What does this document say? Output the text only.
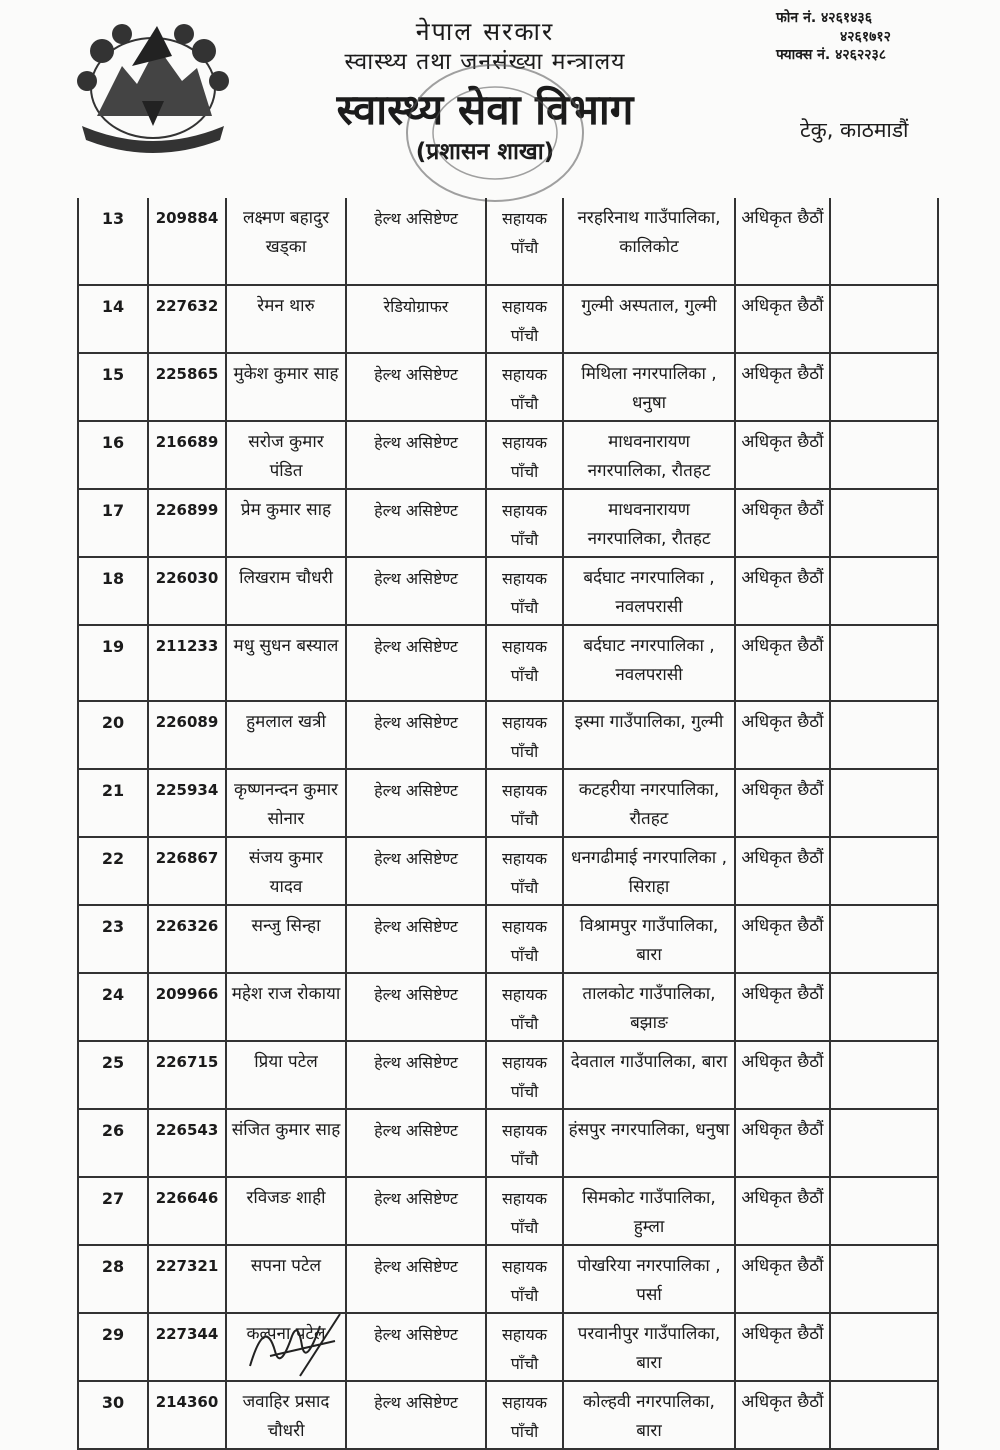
नेपाल सरकार
स्वास्थ्य तथा जनसंख्या मन्त्रालय
स्वास्थ्य सेवा विभाग
(प्रशासन शाखा)
फोन नं. ४२६१४३६
४२६१७१२
फ्याक्स नं. ४२६२२३८
टेकु, काठमाडौं
13	209884	लक्ष्मण बहादुर खड्का	हेल्थ असिष्टेण्ट	सहायक पाँचौ	नरहरिनाथ गाउँपालिका, कालिकोट	अधिकृत छैठौं	
14	227632	रेमन थारु	रेडियोग्राफर	सहायक पाँचौ	गुल्मी अस्पताल, गुल्मी	अधिकृत छैठौं	
15	225865	मुकेश कुमार साह	हेल्थ असिष्टेण्ट	सहायक पाँचौ	मिथिला नगरपालिका , धनुषा	अधिकृत छैठौं	
16	216689	सरोज कुमार पंडित	हेल्थ असिष्टेण्ट	सहायक पाँचौ	माधवनारायण नगरपालिका, रौतहट	अधिकृत छैठौं	
17	226899	प्रेम कुमार साह	हेल्थ असिष्टेण्ट	सहायक पाँचौ	माधवनारायण नगरपालिका, रौतहट	अधिकृत छैठौं	
18	226030	लिखराम चौधरी	हेल्थ असिष्टेण्ट	सहायक पाँचौ	बर्दघाट नगरपालिका , नवलपरासी	अधिकृत छैठौं	
19	211233	मधु सुधन बस्याल	हेल्थ असिष्टेण्ट	सहायक पाँचौ	बर्दघाट नगरपालिका , नवलपरासी	अधिकृत छैठौं	
20	226089	हुमलाल खत्री	हेल्थ असिष्टेण्ट	सहायक पाँचौ	इस्मा गाउँपालिका, गुल्मी	अधिकृत छैठौं	
21	225934	कृष्णनन्दन कुमार सोनार	हेल्थ असिष्टेण्ट	सहायक पाँचौ	कटहरीया नगरपालिका, रौतहट	अधिकृत छैठौं	
22	226867	संजय कुमार यादव	हेल्थ असिष्टेण्ट	सहायक पाँचौ	धनगढीमाई नगरपालिका , सिराहा	अधिकृत छैठौं	
23	226326	सन्जु सिन्हा	हेल्थ असिष्टेण्ट	सहायक पाँचौ	विश्रामपुर गाउँपालिका, बारा	अधिकृत छैठौं	
24	209966	महेश राज रोकाया	हेल्थ असिष्टेण्ट	सहायक पाँचौ	तालकोट गाउँपालिका, बझाङ	अधिकृत छैठौं	
25	226715	प्रिया पटेल	हेल्थ असिष्टेण्ट	सहायक पाँचौ	देवताल गाउँपालिका, बारा	अधिकृत छैठौं	
26	226543	संजित कुमार साह	हेल्थ असिष्टेण्ट	सहायक पाँचौ	हंसपुर नगरपालिका, धनुषा	अधिकृत छैठौं	
27	226646	रविजङ शाही	हेल्थ असिष्टेण्ट	सहायक पाँचौ	सिमकोट गाउँपालिका, हुम्ला	अधिकृत छैठौं	
28	227321	सपना पटेल	हेल्थ असिष्टेण्ट	सहायक पाँचौ	पोखरिया नगरपालिका , पर्सा	अधिकृत छैठौं	
29	227344	कल्पना पटेल	हेल्थ असिष्टेण्ट	सहायक पाँचौ	परवानीपुर गाउँपालिका, बारा	अधिकृत छैठौं	
30	214360	जवाहिर प्रसाद चौधरी	हेल्थ असिष्टेण्ट	सहायक पाँचौ	कोल्हवी नगरपालिका, बारा	अधिकृत छैठौं	
